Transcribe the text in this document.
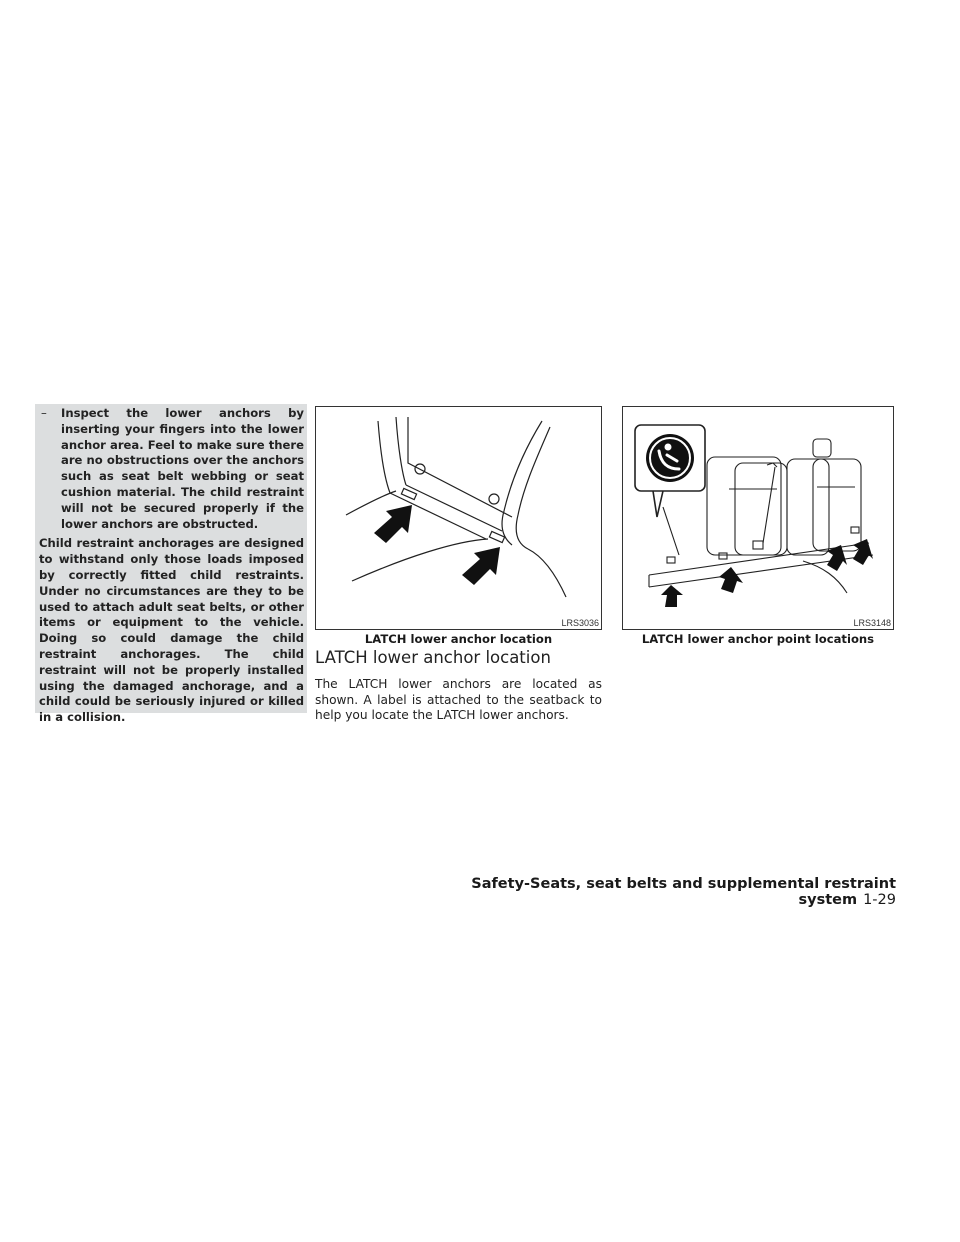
–	Inspect the lower anchors by inserting your fingers into the lower anchor area. Feel to make sure there are no obstructions over the anchors such as seat belt webbing or seat cushion material. The child restraint will not be secured properly if the lower anchors are obstructed.

Child restraint anchorages are designed to withstand only those loads imposed by correctly fitted child restraints. Under no circumstances are they to be used to attach adult seat belts, or other items or equipment to the vehicle. Doing so could damage the child restraint anchorages. The child restraint will not be properly installed using the damaged anchorage, and a child could be seriously injured or killed in a collision.

LRS3036
LATCH lower anchor location
LRS3148
LATCH lower anchor point locations
LATCH lower anchor location
The LATCH lower anchors are located as shown. A label is attached to the seatback to help you locate the LATCH lower anchors.
Safety-Seats, seat belts and supplemental restraint system 1-29
